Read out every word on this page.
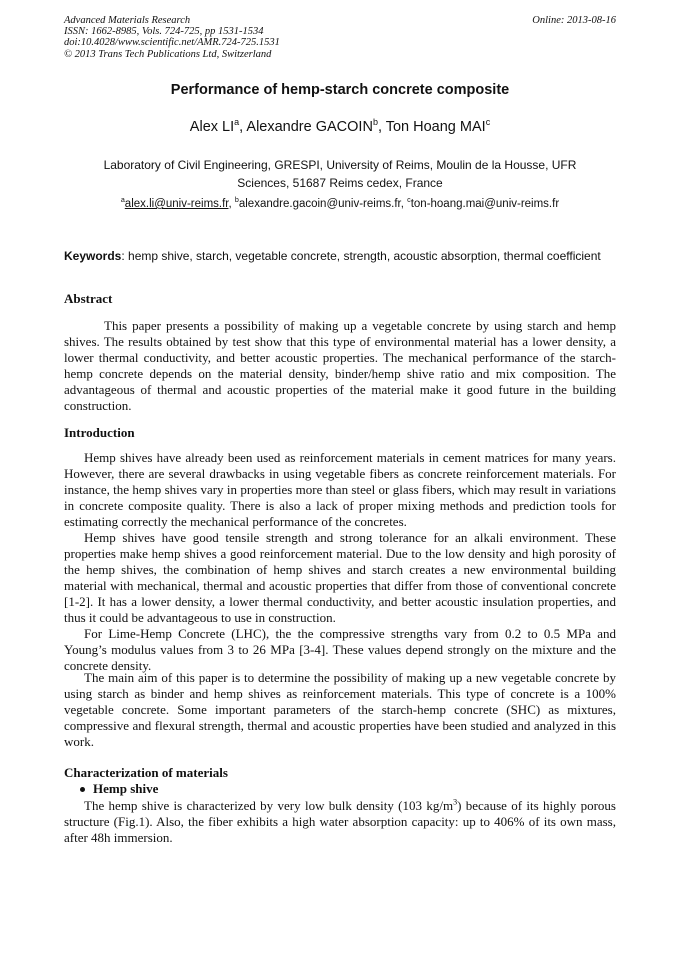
Advanced Materials Research
ISSN: 1662-8985, Vols. 724-725, pp 1531-1534
doi:10.4028/www.scientific.net/AMR.724-725.1531
© 2013 Trans Tech Publications Ltd, Switzerland
Online: 2013-08-16
Performance of hemp-starch concrete composite
Alex $LI^a$, Alexandre GACOIN$^b$, Ton Hoang MAI$^c$
Laboratory of Civil Engineering, GRESPI, University of Reims, Moulin de la Housse, UFR
Sciences, 51687 Reims cedex, France
$^a$alex.li@univ-reims.fr, $^b$alexandre.gacoin@univ-reims.fr, $^c$ton-hoang.mai@univ-reims.fr
Keywords: hemp shive, starch, vegetable concrete, strength, acoustic absorption, thermal coefficient
Abstract

This paper presents a possibility of making up a vegetable concrete by using starch and hemp shives. The results obtained by test show that this type of environmental material has a lower density, a lower thermal conductivity, and better acoustic properties. The mechanical performance of the starch-hemp concrete depends on the material density, binder/hemp shive ratio and mix composition. The advantageous of thermal and acoustic properties of the material make it good future in the building construction.

Introduction

Hemp shives have already been used as reinforcement materials in cement matrices for many years. However, there are several drawbacks in using vegetable fibers as concrete reinforcement materials. For instance, the hemp shives vary in properties more than steel or glass fibers, which may result in variations in concrete composite quality. There is also a lack of proper mixing methods and prediction tools for estimating correctly the mechanical performance of the concretes.

Hemp shives have good tensile strength and strong tolerance for an alkali environment. These properties make hemp shives a good reinforcement material. Due to the low density and high porosity of the hemp shives, the combination of hemp shives and starch creates a new environmental building material with mechanical, thermal and acoustic properties that differ from those of conventional concrete [1-2]. It has a lower density, a lower thermal conductivity, and better acoustic insulation properties, and thus it could be advantageous to use in construction.

For Lime-Hemp Concrete (LHC), the the compressive strengths vary from 0.2 to 0.5 MPa and Young’s modulus values from 3 to 26 MPa [3-4]. These values depend strongly on the mixture and the concrete density.

The main aim of this paper is to determine the possibility of making up a new vegetable concrete by using starch as binder and hemp shives as reinforcement materials. This type of concrete is a 100% vegetable concrete. Some important parameters of the starch-hemp concrete (SHC) as mixtures, compressive and flexural strength, thermal and acoustic properties have been studied and analyzed in this work.

Characterization of materials
Hemp shive

The hemp shive is characterized by very low bulk density (103 $kg/m^3$) because of its highly porous structure (Fig.1). Also, the fiber exhibits a high water absorption capacity: up to 406% of its own mass, after 48h immersion.
